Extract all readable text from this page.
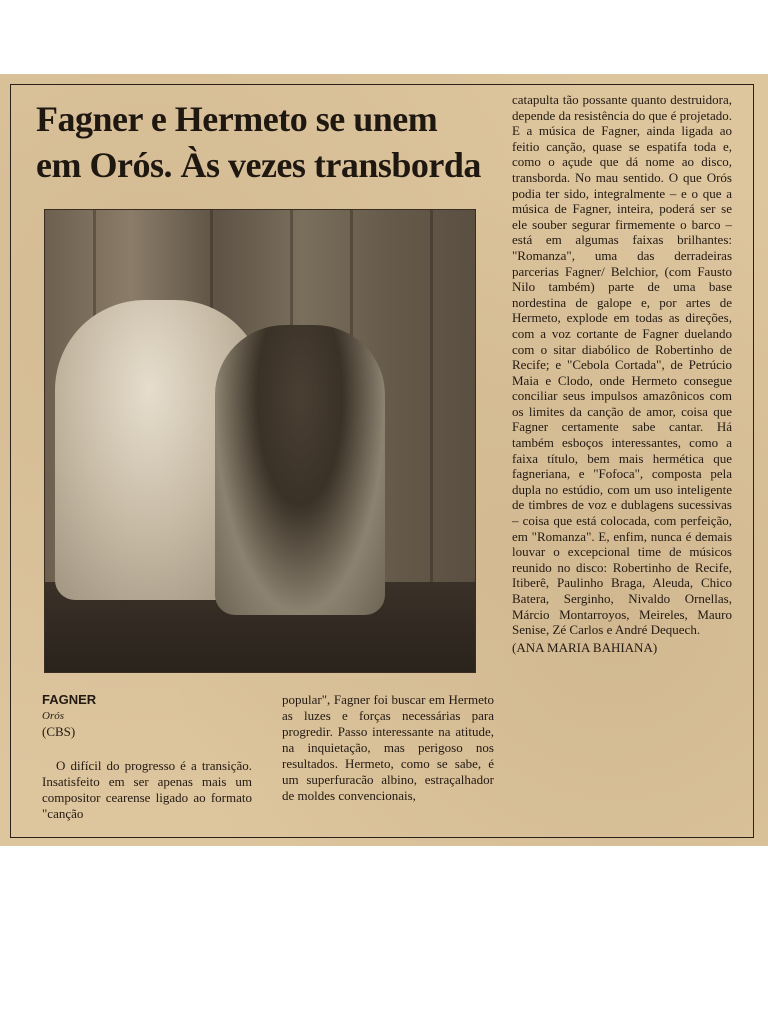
Fagner e Hermeto se unem
em Orós. Às vezes transborda
FAGNER
Orós
(CBS)
O difícil do progresso é a transição. Insatisfeito em ser apenas mais um compositor cearense ligado ao formato "canção
popular", Fagner foi buscar em Hermeto as luzes e forças necessárias para progredir. Passo interessante na atitude, na inquietação, mas perigoso nos resultados. Hermeto, como se sabe, é um superfuracão albino, estraçalhador de moldes convencionais,
catapulta tão possante quanto destruidora, depende da resistência do que é projetado. E a música de Fagner, ainda ligada ao feitio canção, quase se espatifa toda e, como o açude que dá nome ao disco, transborda. No mau sentido. O que Orós podia ter sido, integralmente – e o que a música de Fagner, inteira, poderá ser se ele souber segurar firmemente o barco – está em algumas faixas brilhantes: "Romanza", uma das derradeiras parcerias Fagner/ Belchior, (com Fausto Nilo também) parte de uma base nordestina de galope e, por artes de Hermeto, explode em todas as direções, com a voz cortante de Fagner duelando com o sitar diabólico de Robertinho de Recife; e "Cebola Cortada", de Petrúcio Maia e Clodo, onde Hermeto consegue conciliar seus impulsos amazônicos com os limites da canção de amor, coisa que Fagner certamente sabe cantar. Há também esboços interessantes, como a faixa título, bem mais hermética que fagneriana, e "Fofoca", composta pela dupla no estúdio, com um uso inteligente de timbres de voz e dublagens sucessivas – coisa que está colocada, com perfeição, em "Romanza". E, enfim, nunca é demais louvar o excepcional time de músicos reunido no disco: Robertinho de Recife, Itiberê, Paulinho Braga, Aleuda, Chico Batera, Serginho, Nivaldo Ornellas, Márcio Montarroyos, Meireles, Mauro Senise, Zé Carlos e André Dequech.
(ANA MARIA BAHIANA)
